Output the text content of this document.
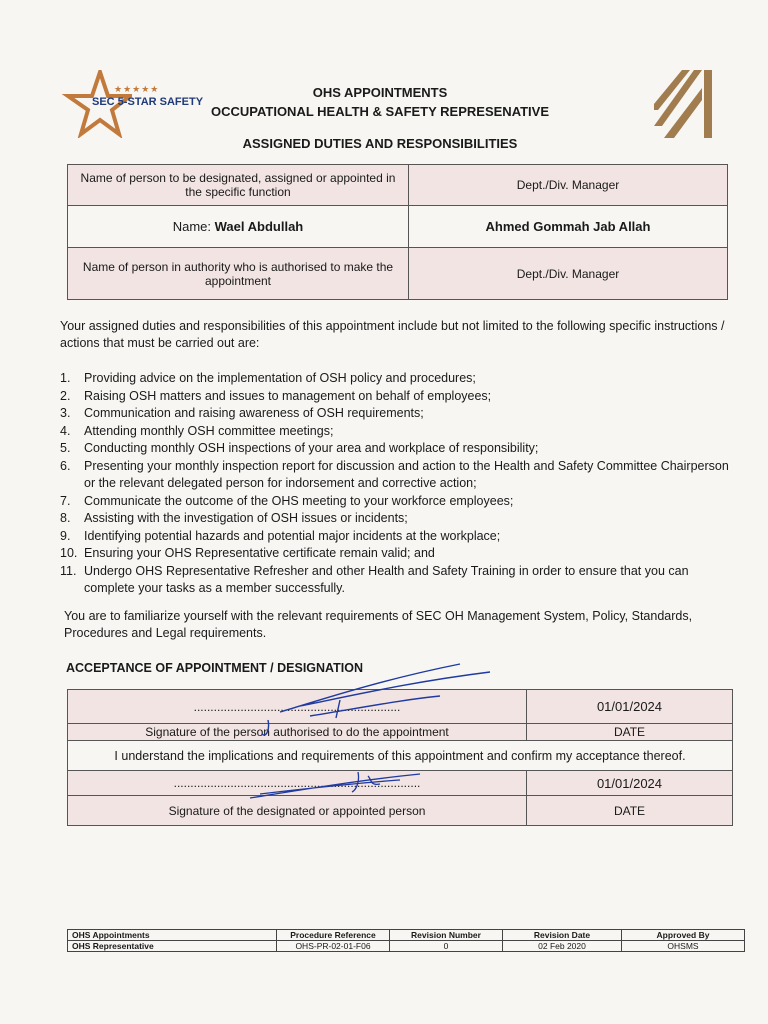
★★★★★
SEC 5-STAR SAFETY
OHS APPOINTMENTS
OCCUPATIONAL HEALTH & SAFETY REPRESENATIVE
ASSIGNED DUTIES AND RESPONSIBILITIES
Name of person to be designated, assigned or appointed in the specific function	Dept./Div. Manager
Name: Wael Abdullah	Ahmed Gommah Jab Allah
Name of person in authority who is authorised to make the appointment	Dept./Div. Manager
Your assigned duties and responsibilities of this appointment include but not limited to the following specific instructions / actions that must be carried out are:
1.	Providing advice on the implementation of OSH policy and procedures;
2.	Raising OSH matters and issues to management on behalf of employees;
3.	Communication and raising awareness of OSH requirements;
4.	Attending monthly OSH committee meetings;
5.	Conducting monthly OSH inspections of your area and workplace of responsibility;
6.	Presenting your monthly inspection report for discussion and action to the Health and Safety Committee Chairperson or the relevant delegated person for indorsement and corrective action;
7.	Communicate the outcome of the OHS meeting to your workforce employees;
8.	Assisting with the investigation of OSH issues or incidents;
9.	Identifying potential hazards and potential major incidents at the workplace;
10. Ensuring your OHS Representative certificate remain valid; and
11. Undergo OHS Representative Refresher and other Health and Safety Training in order to ensure that you can complete your tasks as a member successfully.
You are to familiarize yourself with the relevant requirements of SEC OH Management System, Policy, Standards, Procedures and Legal requirements.
ACCEPTANCE OF APPOINTMENT / DESIGNATION
..............................................................	01/01/2024
Signature of the person authorised to do the appointment	DATE
I understand the implications and requirements of this appointment and confirm my acceptance thereof.	
..........................................................................	01/01/2024
Signature of the designated or appointed person	DATE
OHS Appointments	Procedure Reference	Revision Number	Revision Date	Approved By
OHS Representative	OHS-PR-02-01-F06	0	02 Feb 2020	OHSMS
